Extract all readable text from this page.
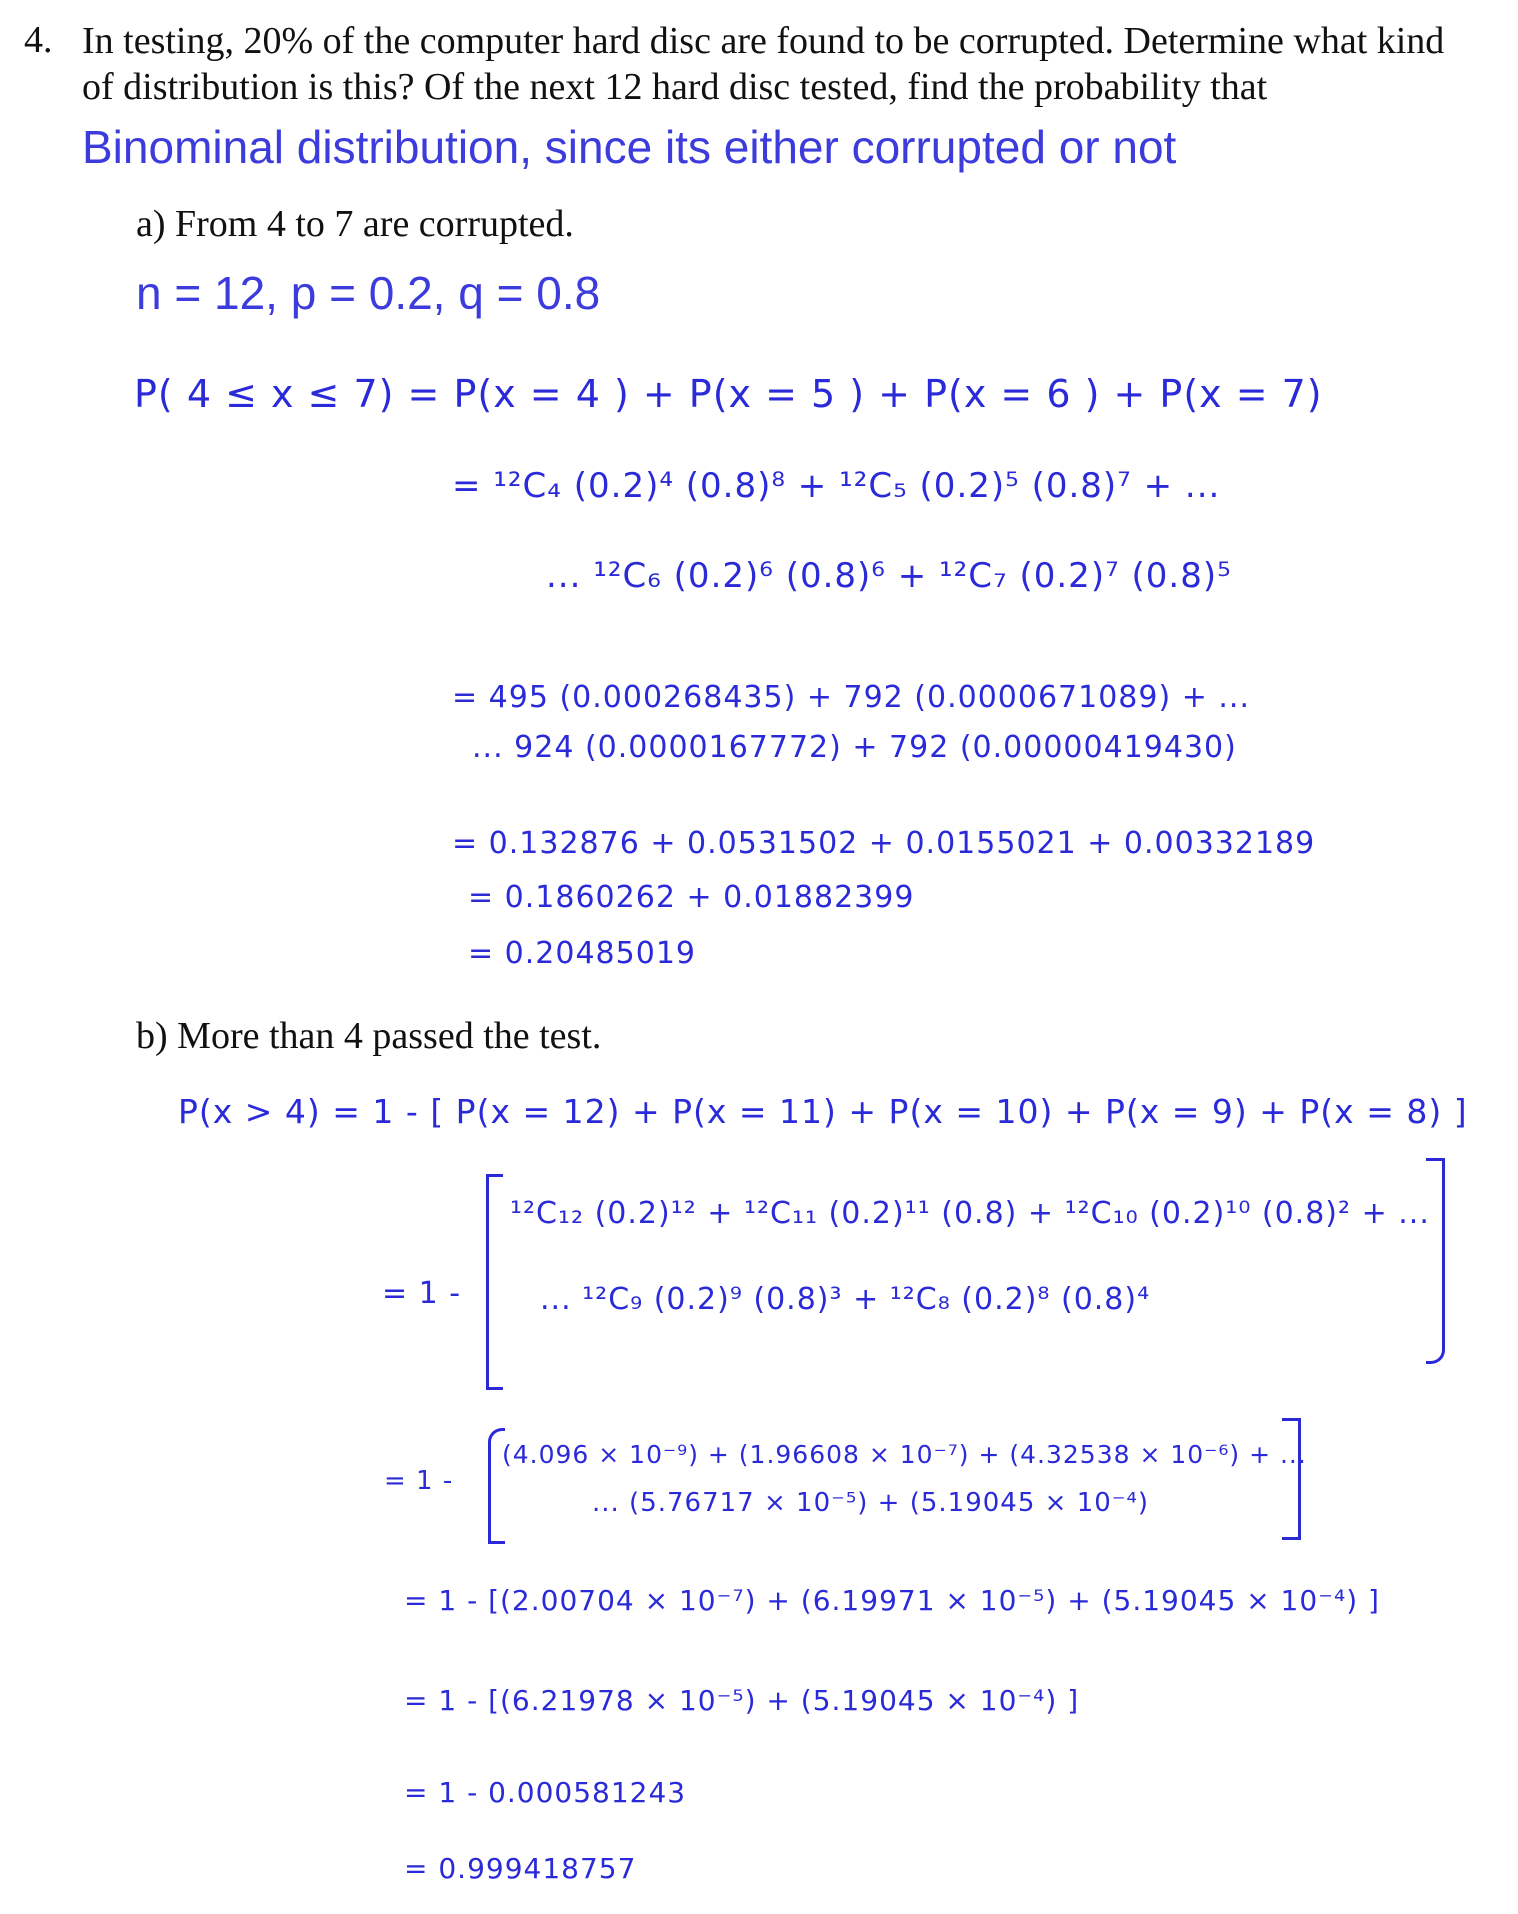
4. In testing, 20% of the computer hard disc are found to be corrupted. Determine what kind
of distribution is this? Of the next 12 hard disc tested, find the probability that
Binominal distribution, since its either corrupted or not
a) From 4 to 7 are corrupted.
n = 12, p = 0.2, q = 0.8
P( 4 ≤ x ≤ 7) = P(x = 4 ) + P(x = 5 ) + P(x = 6 ) + P(x = 7)
= ¹²C₄ (0.2)⁴ (0.8)⁸ + ¹²C₅ (0.2)⁵ (0.8)⁷ + ...
... ¹²C₆ (0.2)⁶ (0.8)⁶ + ¹²C₇ (0.2)⁷ (0.8)⁵
= 495 (0.000268435) + 792 (0.0000671089) + ...
... 924 (0.0000167772) + 792 (0.00000419430)
= 0.132876 + 0.0531502 + 0.0155021 + 0.00332189
= 0.1860262 + 0.01882399
= 0.20485019
b) More than 4 passed the test.
P(x > 4) = 1 - [ P(x = 12) + P(x = 11) + P(x = 10) + P(x = 9) + P(x = 8) ]
¹²C₁₂ (0.2)¹² + ¹²C₁₁ (0.2)¹¹ (0.8) + ¹²C₁₀ (0.2)¹⁰ (0.8)² + ...
= 1 -	... ¹²C₉ (0.2)⁹ (0.8)³ + ¹²C₈ (0.2)⁸ (0.8)⁴
(4.096 × 10⁻⁹) + (1.96608 × 10⁻⁷) + (4.32538 × 10⁻⁶) + ...
= 1 -
... (5.76717 × 10⁻⁵) + (5.19045 × 10⁻⁴)
= 1 - [(2.00704 × 10⁻⁷) + (6.19971 × 10⁻⁵) + (5.19045 × 10⁻⁴) ]
= 1 - [(6.21978 × 10⁻⁵) + (5.19045 × 10⁻⁴) ]
= 1 - 0.000581243
= 0.999418757
